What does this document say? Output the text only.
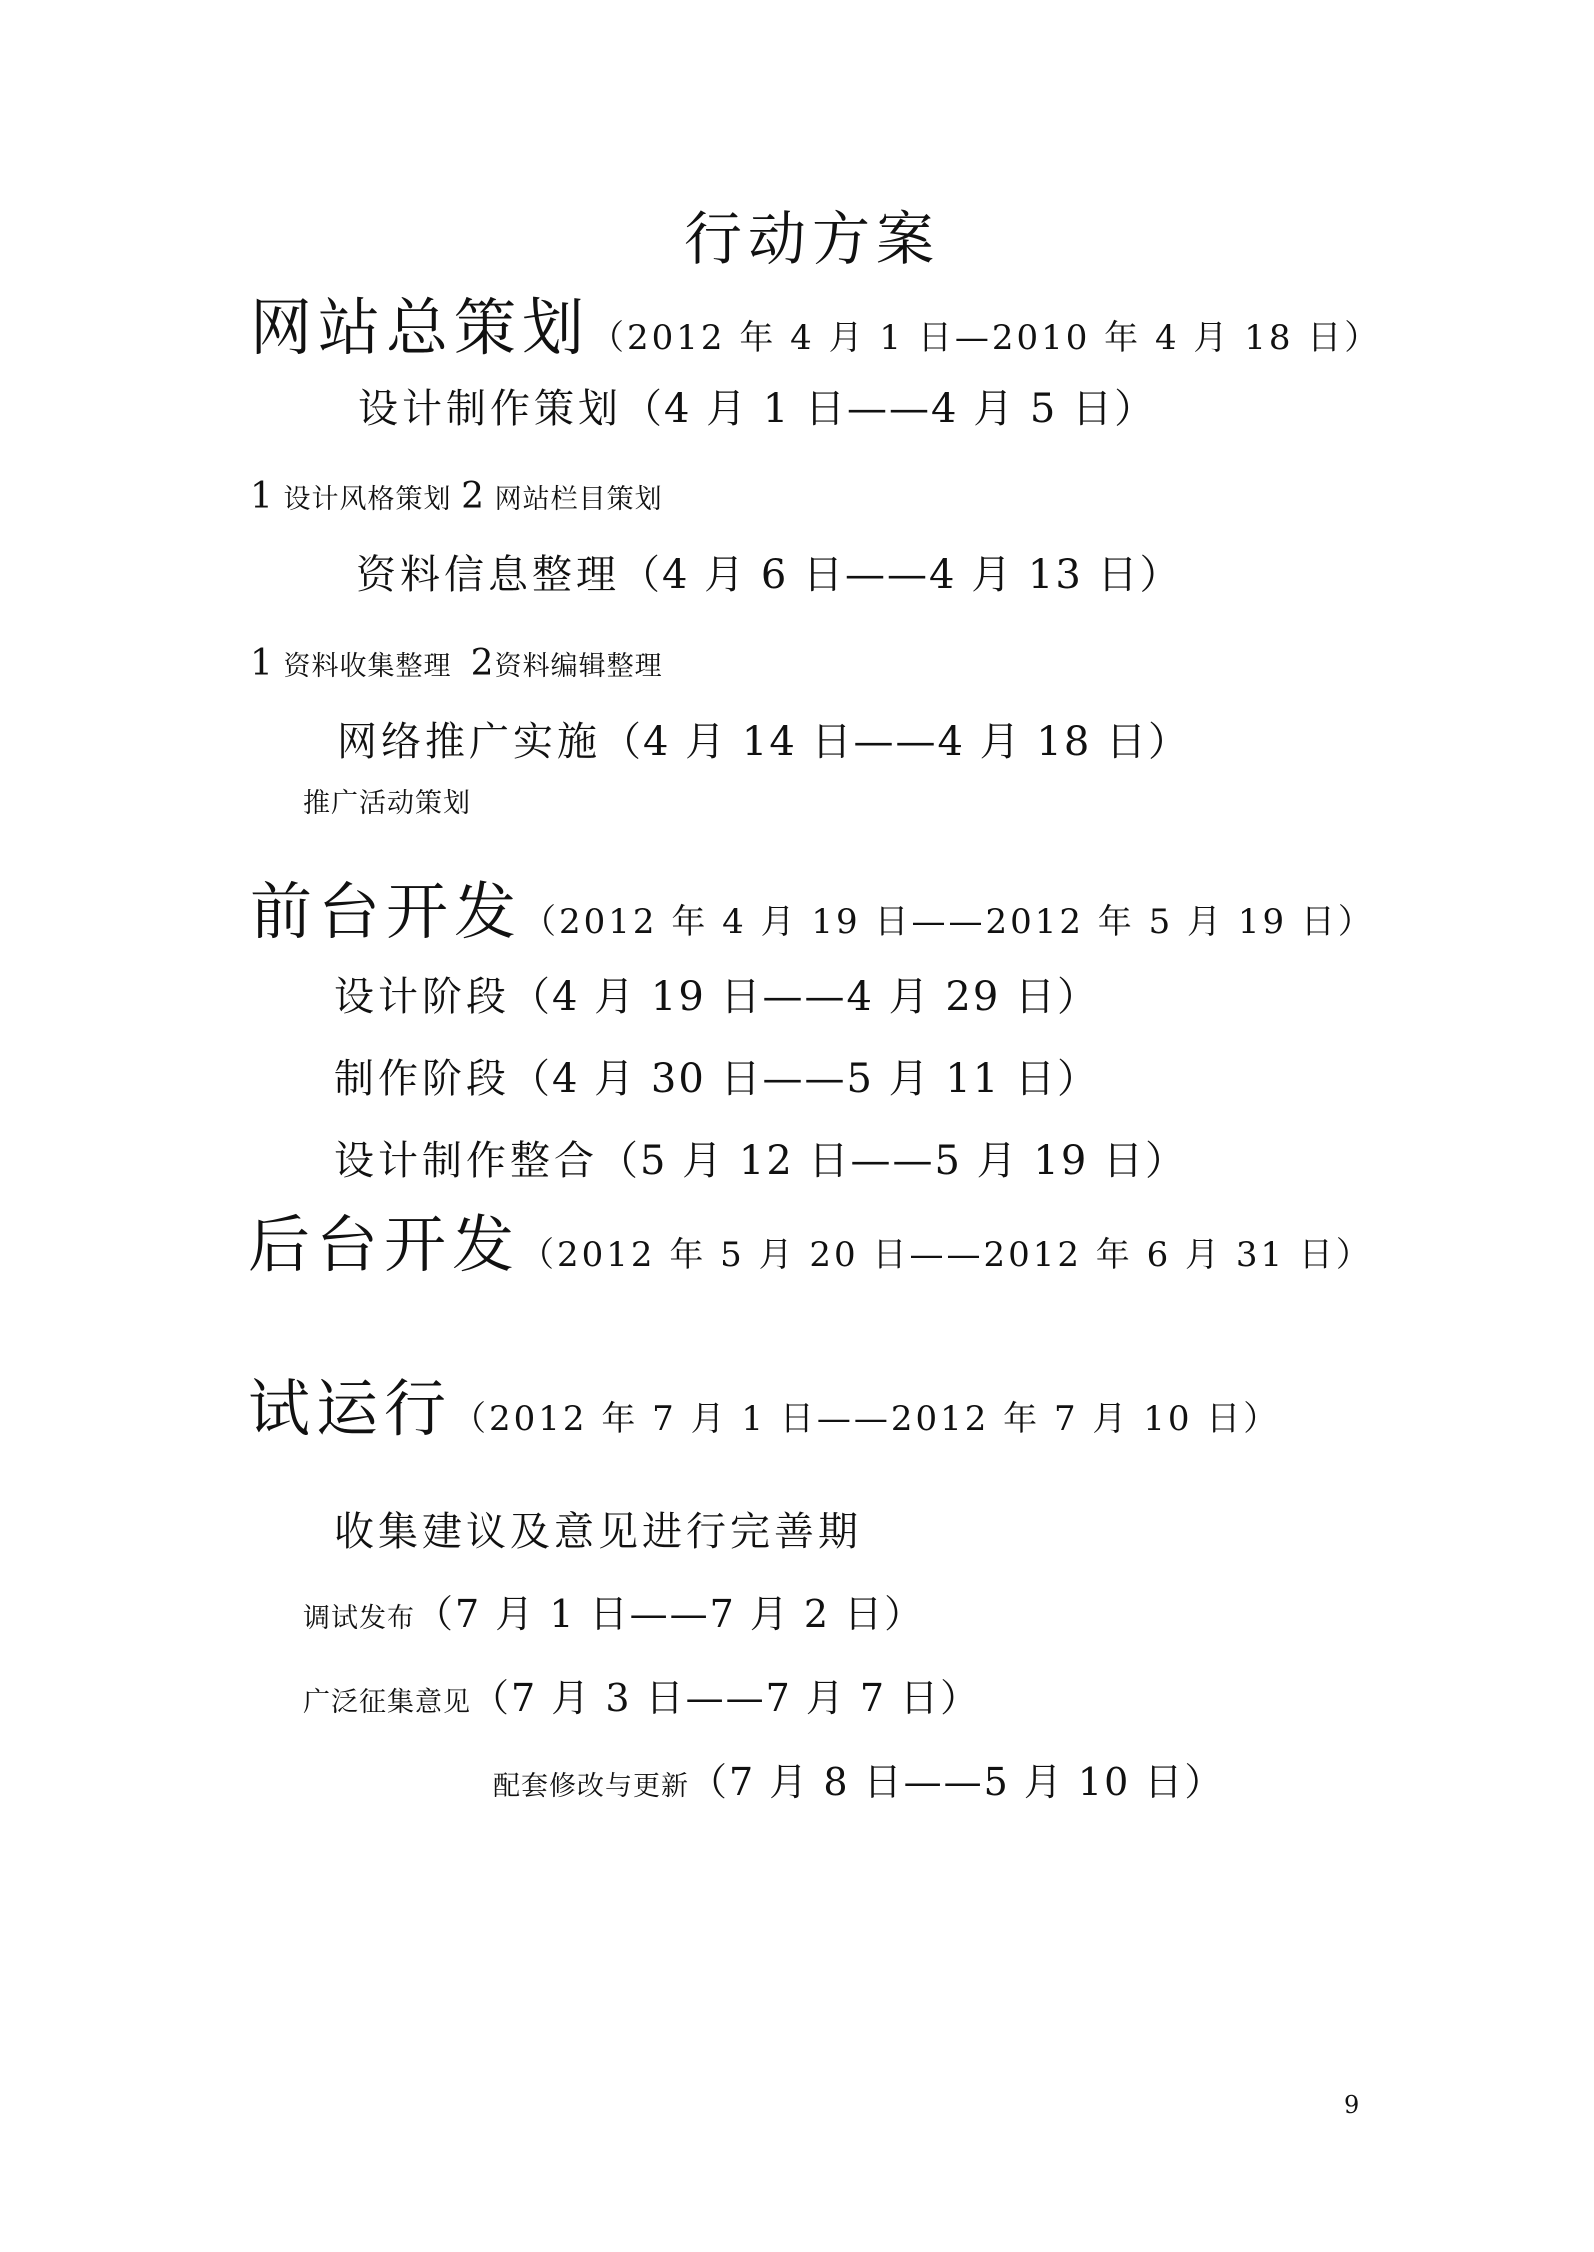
行动方案
网站总策划（2012 年 4 月 1 日—2010 年 4 月 18 日）
设计制作策划（4 月 1 日——4 月 5 日）
1 设计风格策划 2 网站栏目策划
资料信息整理（4 月 6 日——4 月 13 日）
1 资料收集整理 2资料编辑整理
网络推广实施（4 月 14 日——4 月 18 日）
推广活动策划
前台开发（2012 年 4 月 19 日——2012 年 5 月 19 日）
设计阶段（4 月 19 日——4 月 29 日）
制作阶段（4 月 30 日——5 月 11 日）
设计制作整合（5 月 12 日——5 月 19 日）
后台开发（2012 年 5 月 20 日——2012 年 6 月 31 日）
试运行（2012 年 7 月 1 日——2012 年 7 月 10 日）
收集建议及意见进行完善期
调试发布（7 月 1 日——7 月 2 日）
广泛征集意见（7 月 3 日——7 月 7 日）
配套修改与更新（7 月 8 日——5 月 10 日）
9
